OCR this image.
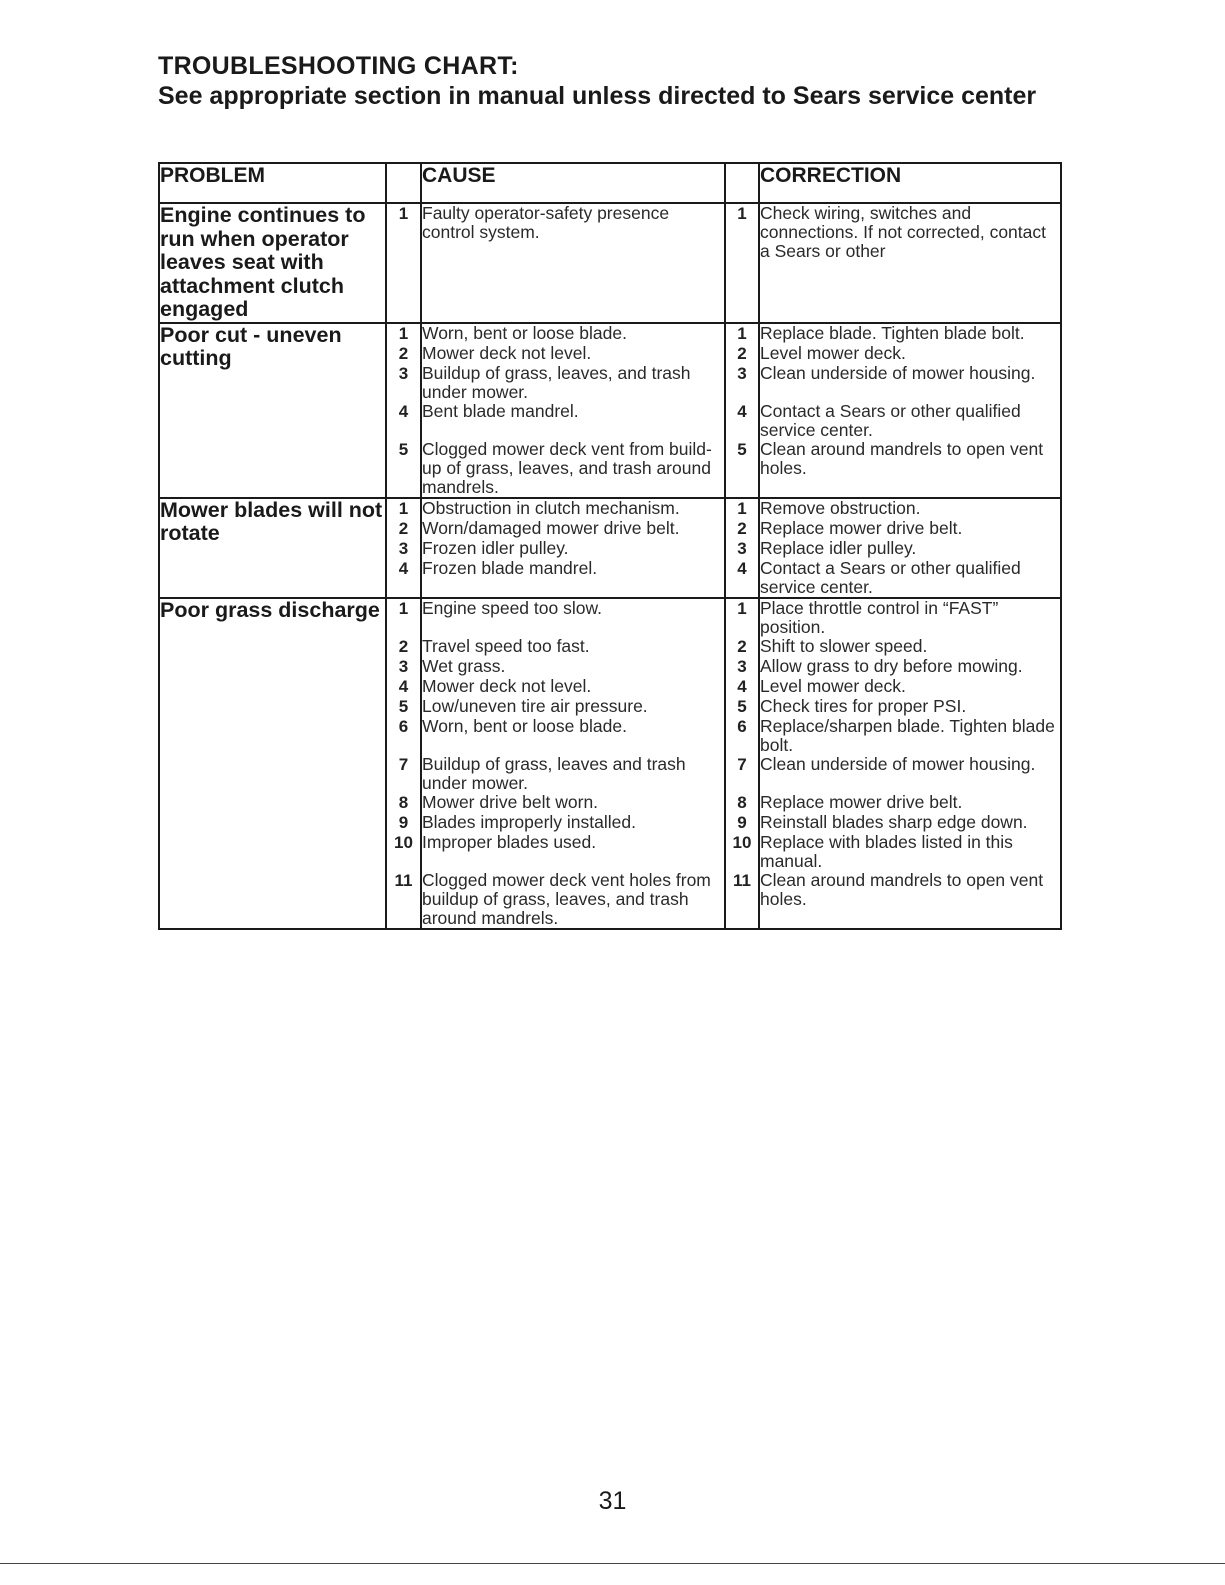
TROUBLESHOOTING CHART:
See appropriate section in manual unless directed to Sears service center
PROBLEM		CAUSE		CORRECTION
Engine continues to run when operator leaves seat with attachment clutch engaged	1	Faulty operator-safety presence control system.	1	Check wiring, switches and connections. If not corrected, contact a Sears or other
Poor cut - uneven cutting	1	Worn, bent or loose blade.	1	Replace blade. Tighten blade bolt.
	2	Mower deck not level.	2	Level mower deck.
	3	Buildup of grass, leaves, and trash under mower.	3	Clean underside of mower housing.
	4	Bent blade mandrel.	4	Contact a Sears or other qualified service center.
	5	Clogged mower deck vent from build-up of grass, leaves, and trash around mandrels.	5	Clean around mandrels to open vent holes.
Mower blades will not rotate	1	Obstruction in clutch mechanism.	1	Remove obstruction.
	2	Worn/damaged mower drive belt.	2	Replace mower drive belt.
	3	Frozen idler pulley.	3	Replace idler pulley.
	4	Frozen blade mandrel.	4	Contact a Sears or other qualified service center.
Poor grass discharge	1	Engine speed too slow.	1	Place throttle control in “FAST” position.
	2	Travel speed too fast.	2	Shift to slower speed.
	3	Wet grass.	3	Allow grass to dry before mowing.
	4	Mower deck not level.	4	Level mower deck.
	5	Low/uneven tire air pressure.	5	Check tires for proper PSI.
	6	Worn, bent or loose blade.	6	Replace/sharpen blade. Tighten blade bolt.
	7	Buildup of grass, leaves and trash under mower.	7	Clean underside of mower housing.
	8	Mower drive belt worn.	8	Replace mower drive belt.
	9	Blades improperly installed.	9	Reinstall blades sharp edge down.
	10	Improper blades used.	10	Replace with blades listed in this manual.
	11	Clogged mower deck vent holes from buildup of grass, leaves, and trash around mandrels.	11	Clean around mandrels to open vent holes.

31
